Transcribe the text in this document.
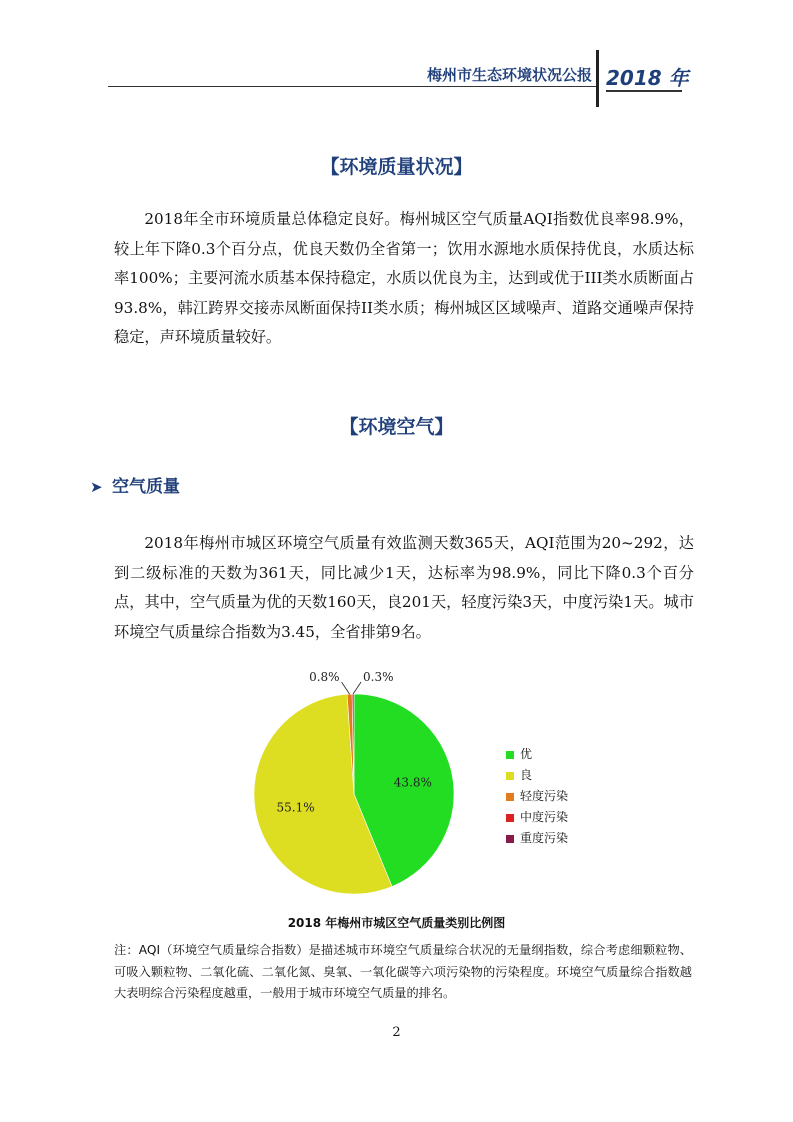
梅州市生态环境状况公报 2018 年
【环境质量状况】
2018年全市环境质量总体稳定良好。梅州城区空气质量AQI指数优良率98.9%，较上年下降0.3个百分点，优良天数仍全省第一；饮用水源地水质保持优良，水质达标率100%；主要河流水质基本保持稳定，水质以优良为主，达到或优于III类水质断面占93.8%，韩江跨界交接赤凤断面保持II类水质；梅州城区区域噪声、道路交通噪声保持稳定，声环境质量较好。
【环境空气】
➤ 空气质量
2018年梅州市城区环境空气质量有效监测天数365天，AQI范围为20~292，达到二级标准的天数为361天，同比减少1天，达标率为98.9%，同比下降0.3个百分点，其中，空气质量为优的天数160天，良201天，轻度污染3天，中度污染1天。城市环境空气质量综合指数为3.45，全省排第9名。
43.8%
55.1%
0.8% 0.3%
优
良
轻度污染
中度污染
重度污染
2018 年梅州市城区空气质量类别比例图
注：AQI（环境空气质量综合指数）是描述城市环境空气质量综合状况的无量纲指数，综合考虑细颗粒物、可吸入颗粒物、二氧化硫、二氧化氮、臭氧、一氧化碳等六项污染物的污染程度。环境空气质量综合指数越大表明综合污染程度越重，一般用于城市环境空气质量的排名。
2
